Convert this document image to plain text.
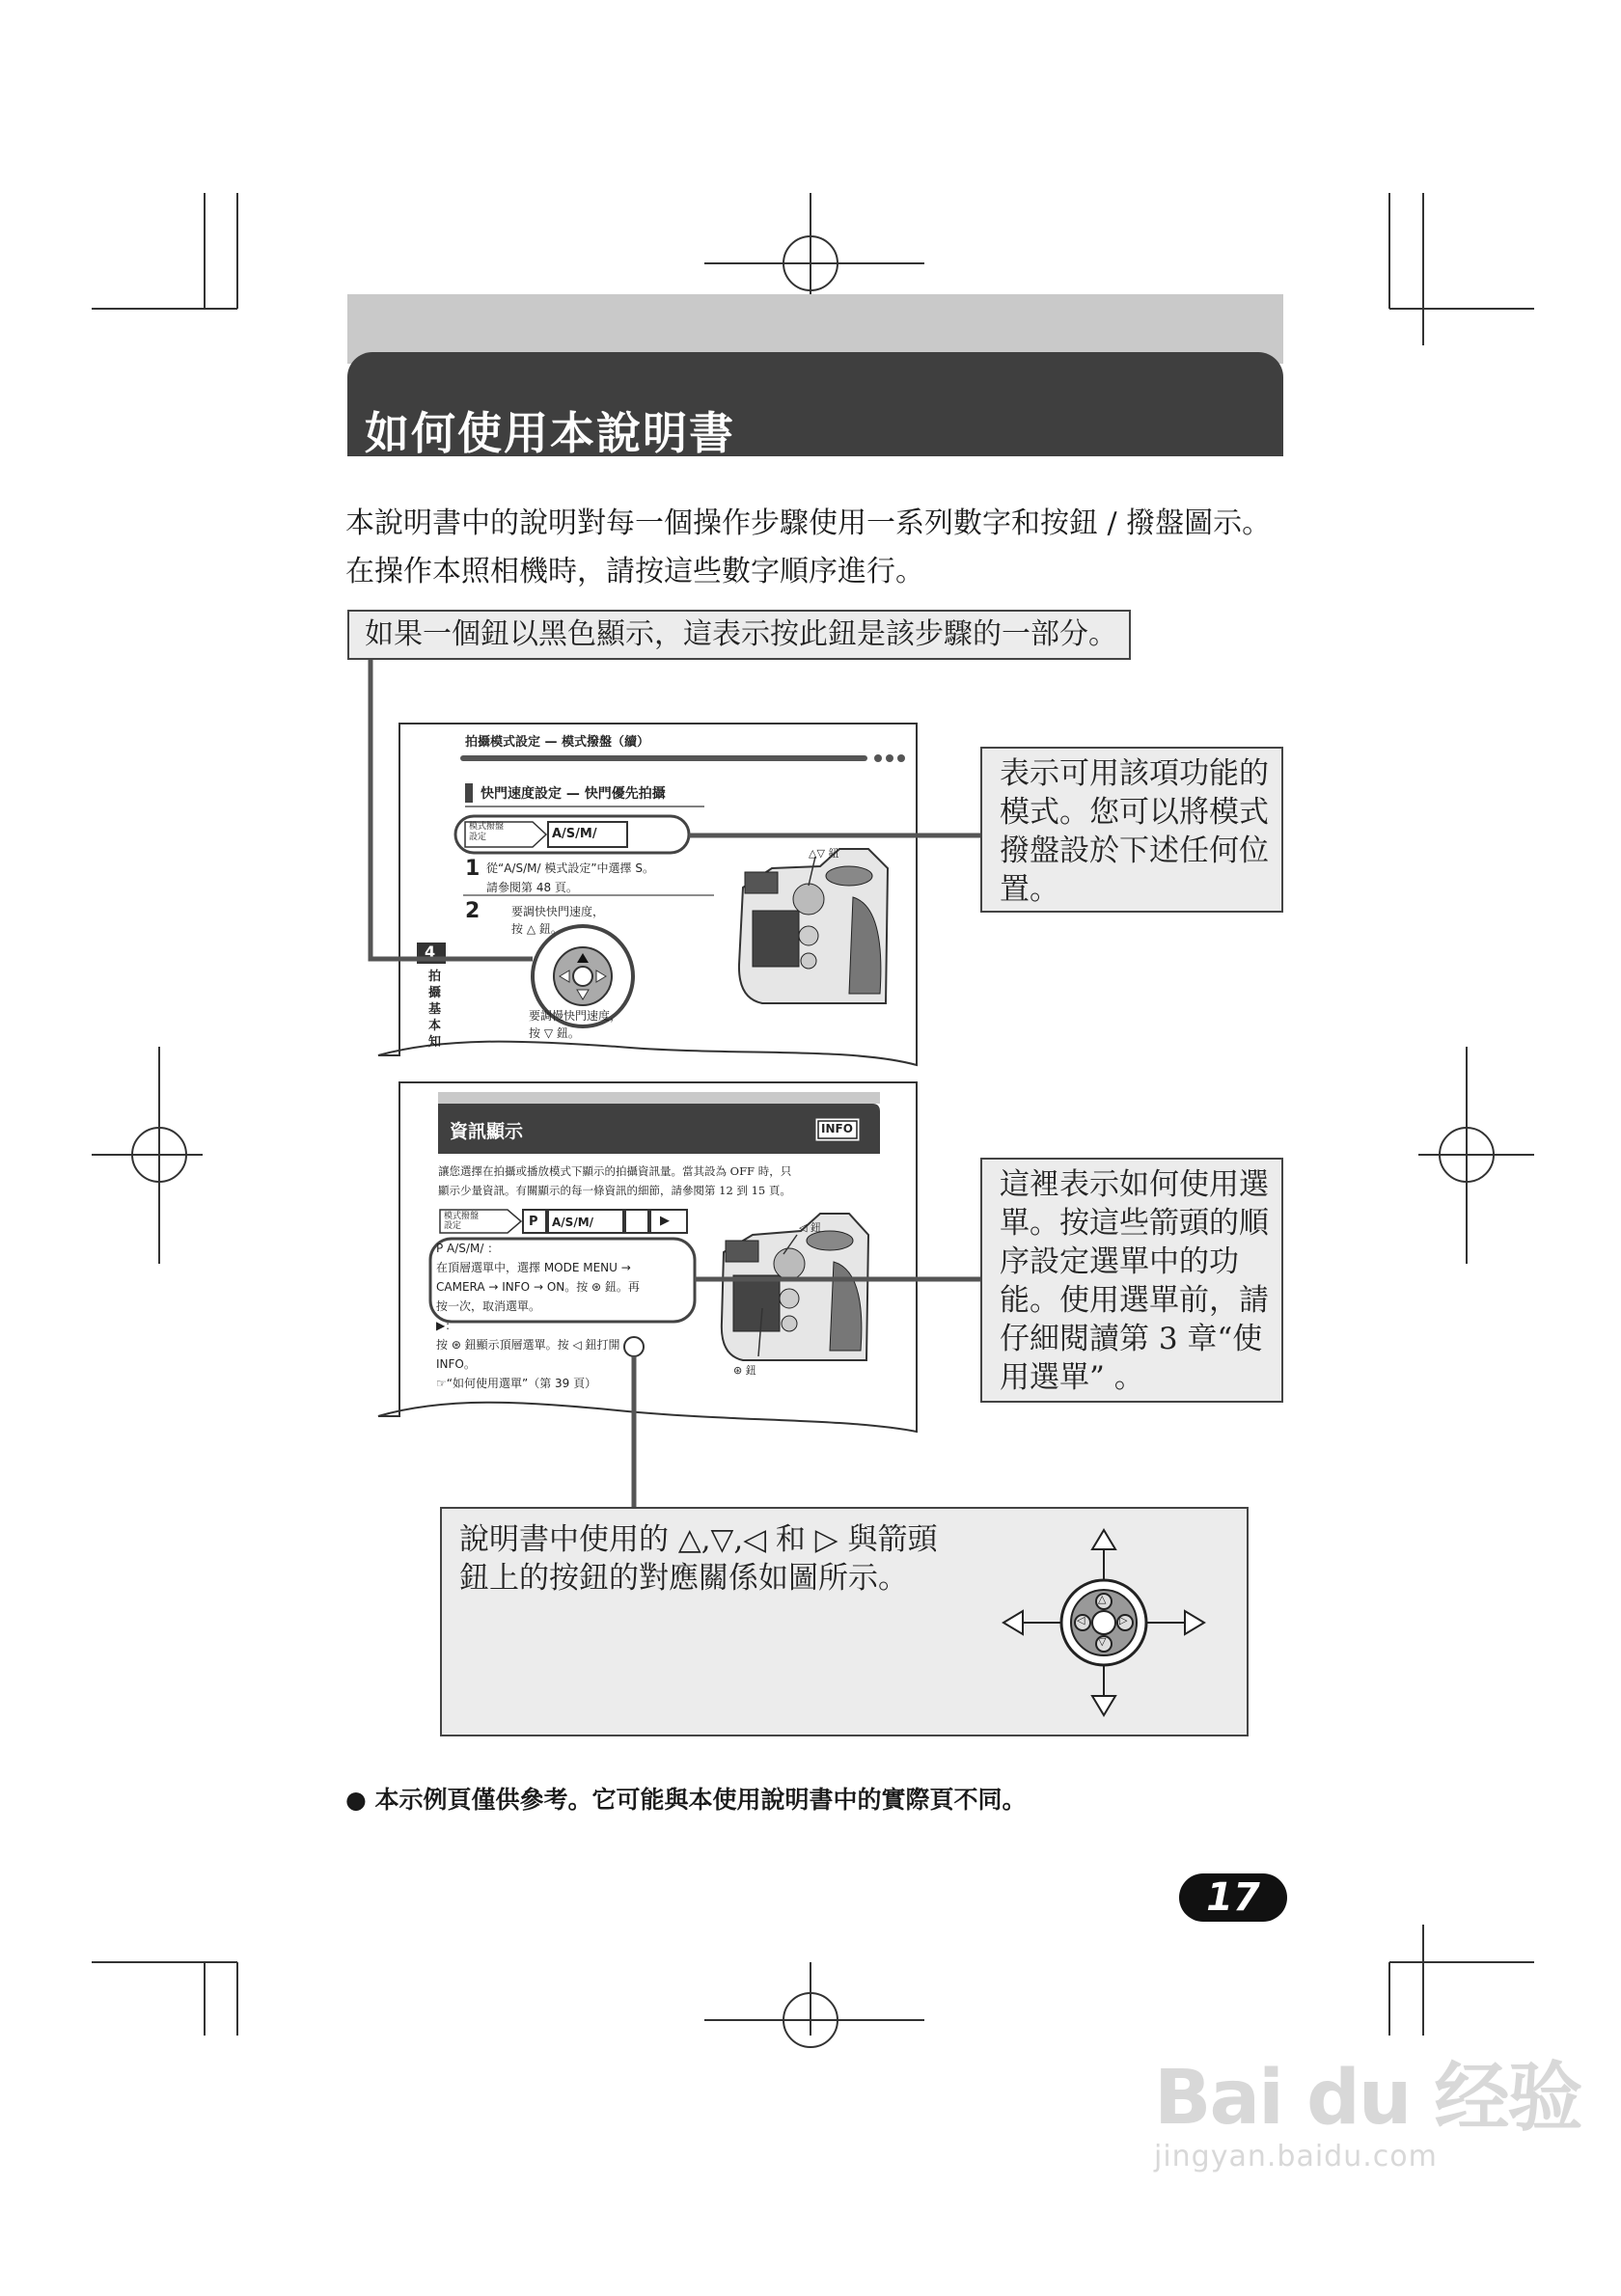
如何使用本說明書
本說明書中的說明對每一個操作步驟使用一系列數字和按鈕 / 撥盤圖示。
在操作本照相機時，請按這些數字順序進行。
如果一個鈕以黑色顯示，這表示按此鈕是該步驟的一部分。
表示可用該項功能的
模式。您可以將模式
撥盤設於下述任何位
置。
這裡表示如何使用選
單。按這些箭頭的順
序設定選單中的功
能。使用選單前，請
仔細閱讀第 3 章“使
用選單” 。
說明書中使用的 △,▽,◁ 和 ▷ 與箭頭
鈕上的按鈕的對應關係如圖所示。
拍攝模式設定 — 模式撥盤（續）
快門速度設定 — 快門優先拍攝
模式撥盤
設定	A/S/M/
1 從“A/S/M/ 模式設定”中選擇 S。
請參閱第 48 頁。
2	要調快快門速度，
按 △ 鈕。
要調慢快門速度，
按 ▽ 鈕。
△▽ 鈕
4
拍
攝
基
本
知
資訊顯示	INFO
讓您選擇在拍攝或播放模式下顯示的拍攝資訊量。當其設為 OFF 時，只
顯示少量資訊。有關顯示的每一條資訊的細節，請參閱第 12 到 15 頁。
模式撥盤
設定	P A/S/M/	▶
P A/S/M/ ：
在頂層選單中，選擇 MODE MENU →
CAMERA → INFO → ON。按 ⊛ 鈕。再
按一次，取消選單。
▶：
按 ⊛ 鈕顯示頂層選單。按 ◁ 鈕打開
INFO。
☞“如何使用選單”（第 39 頁）
◁ 鈕
⊛ 鈕
△
▽
◁	▷
● 本示例頁僅供參考。它可能與本使用說明書中的實際頁不同。
17
Bai du 经验
jingyan.baidu.com
